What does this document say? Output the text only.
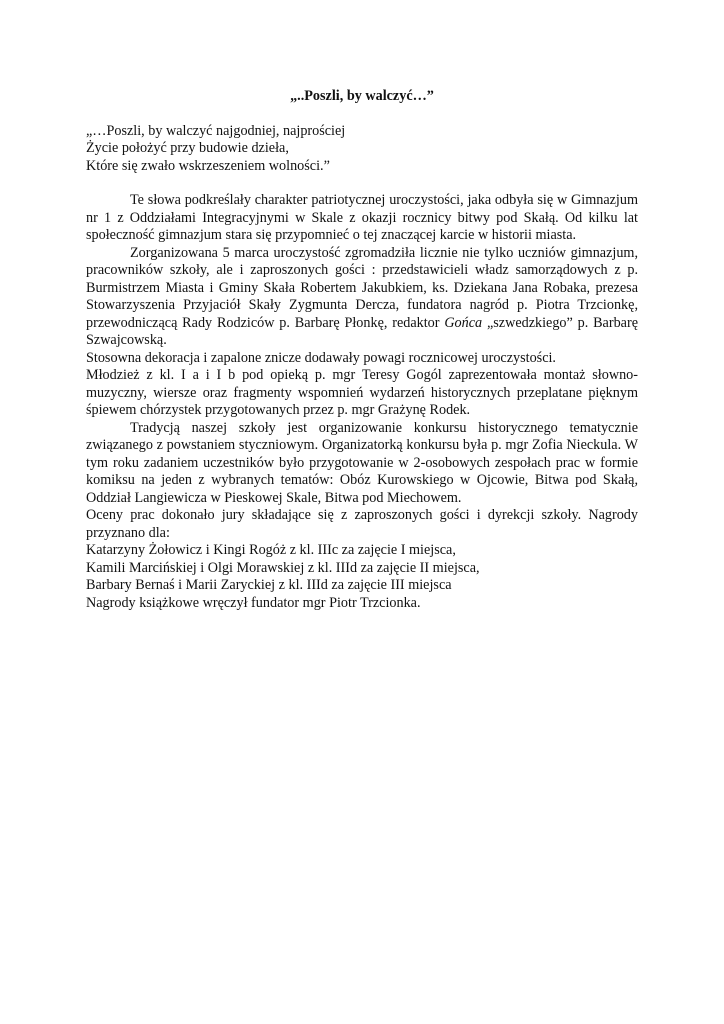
„..Poszli, by walczyć…”
„…Poszli, by walczyć najgodniej, najprościej
Życie położyć przy budowie dzieła,
Które się zwało wskrzeszeniem wolności.”

Te słowa podkreślały charakter patriotycznej uroczystości, jaka odbyła się w Gimnazjum nr 1 z Oddziałami Integracyjnymi w Skale z okazji rocznicy bitwy pod Skałą. Od kilku lat społeczność gimnazjum stara się przypomnieć o tej znaczącej karcie w historii miasta.

Zorganizowana 5 marca uroczystość zgromadziła licznie nie tylko uczniów gimnazjum, pracowników szkoły, ale i zaproszonych gości : przedstawicieli władz samorządowych z p. Burmistrzem Miasta i Gminy Skała Robertem Jakubkiem, ks. Dziekana Jana Robaka, prezesa Stowarzyszenia Przyjaciół Skały Zygmunta Dercza, fundatora nagród p. Piotra Trzcionkę, przewodniczącą Rady Rodziców p. Barbarę Płonkę, redaktor Gońca „szwedzkiego” p. Barbarę Szwajcowską.

Stosowna dekoracja i zapalone znicze dodawały powagi rocznicowej uroczystości.

Młodzież z kl. I a i I b pod opieką p. mgr Teresy Gogól zaprezentowała montaż słowno-muzyczny, wiersze oraz fragmenty wspomnień wydarzeń historycznych przeplatane pięknym śpiewem chórzystek przygotowanych przez p. mgr Grażynę Rodek.

Tradycją naszej szkoły jest organizowanie konkursu historycznego tematycznie związanego z powstaniem styczniowym. Organizatorką konkursu była p. mgr Zofia Nieckula. W tym roku zadaniem uczestników było przygotowanie w 2-osobowych zespołach prac w formie komiksu na jeden z wybranych tematów: Obóz Kurowskiego w Ojcowie, Bitwa pod Skałą, Oddział Langiewicza w Pieskowej Skale, Bitwa pod Miechowem.

Oceny prac dokonało jury składające się z zaproszonych gości i dyrekcji szkoły. Nagrody przyznano dla:

Katarzyny Żołowicz i Kingi Rogóż z kl. IIIc za zajęcie I miejsca,
Kamili Marcińskiej i Olgi Morawskiej z kl. IIId za zajęcie II miejsca,
Barbary Bernaś i Marii Zaryckiej z kl. IIId za zajęcie III miejsca
Nagrody książkowe wręczył fundator mgr Piotr Trzcionka.
